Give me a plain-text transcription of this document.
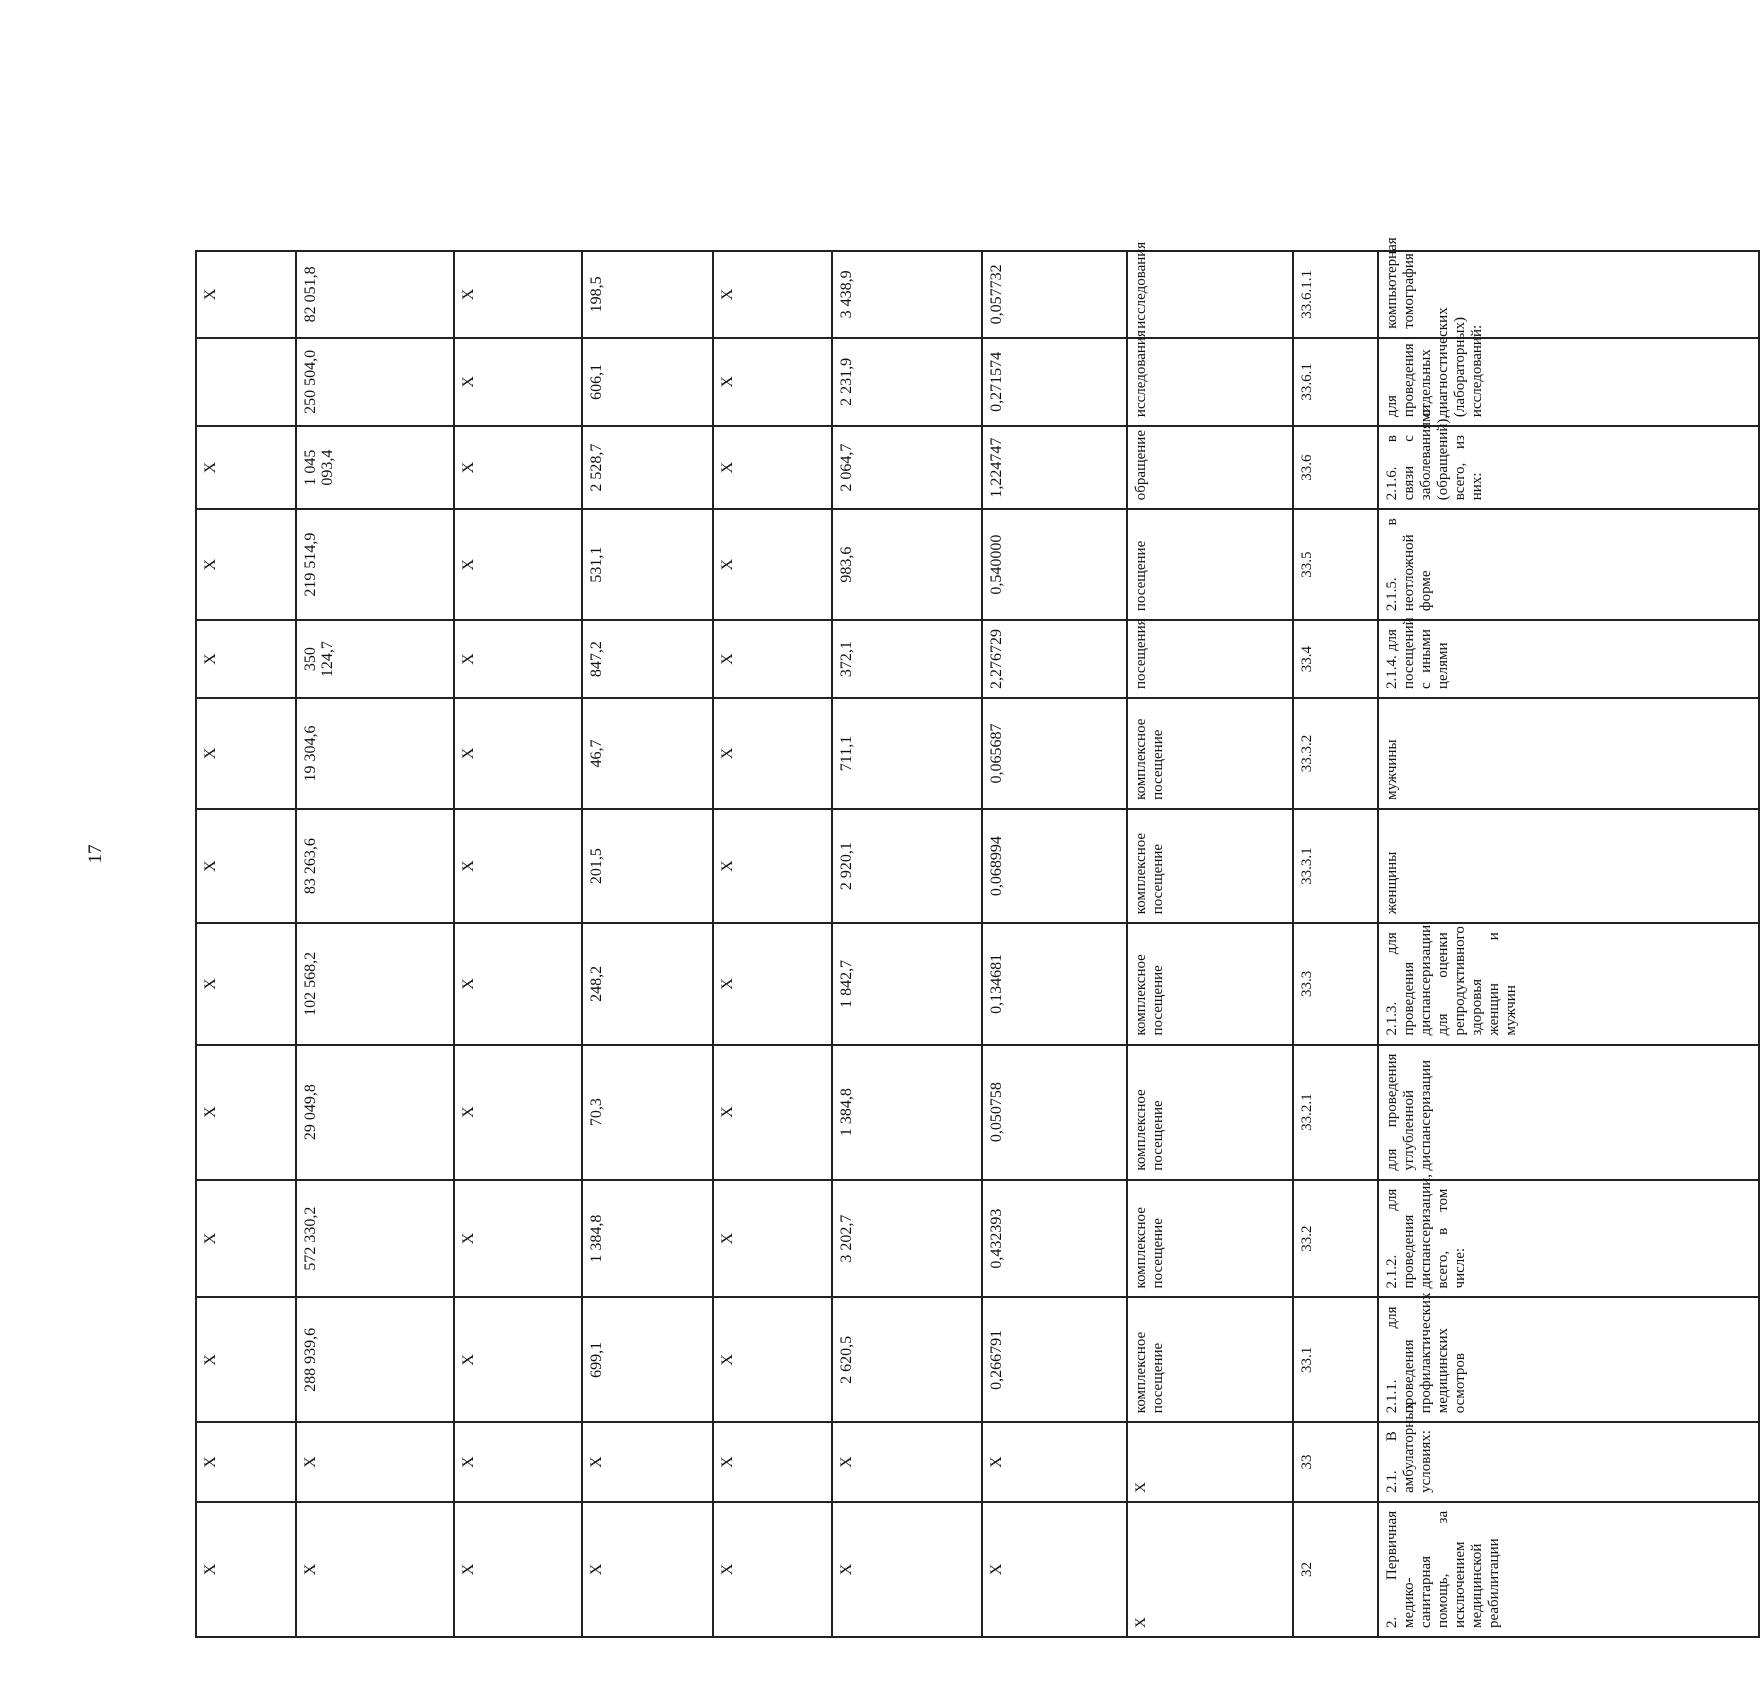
17
Х	Х	Х	Х	Х	Х	Х	Х	Х	Х	Х		Х
Х	Х	288 939,6	572 330,2	29 049,8	102 568,2	83 263,6	19 304,6	350 124,7	219 514,9	1 045 093,4	250 504,0	82 051,8
Х	Х	Х	Х	Х	Х	Х	Х	Х	Х	Х	Х	Х
Х	Х	699,1	1 384,8	70,3	248,2	201,5	46,7	847,2	531,1	2 528,7	606,1	198,5
Х	Х	Х	Х	Х	Х	Х	Х	Х	Х	Х	Х	Х
Х	Х	2 620,5	3 202,7	1 384,8	1 842,7	2 920,1	711,1	372,1	983,6	2 064,7	2 231,9	3 438,9
Х	Х	0,266791	0,432393	0,050758	0,134681	0,068994	0,065687	2,276729	0,540000	1,224747	0,271574	0,057732
Х	Х	комплексное посещение	комплексное посещение	комплексное посещение	комплексное посещение	комплексное посещение	комплексное посещение	посещения	посещение	обращение	исследования	исследования
32	33	33.1	33.2	33.2.1	33.3	33.3.1	33.3.2	33.4	33.5	33.6	33.6.1	33.6.1.1
2. Первичная медико-санитарная помощь, за исключением медицинской реабилитации	2.1. В амбулаторных условиях:	2.1.1. для проведения профилактических медицинских осмотров	2.1.2. для проведения диспансеризации, всего, в том числе:	для проведения углубленной диспансеризации	2.1.3. для проведения диспансеризации для оценки репродуктивного здоровья женщин и мужчин	женщины	мужчины	2.1.4. для посещений с иными целями	2.1.5. в неотложной форме	2.1.6. в связи с заболеваниями (обращений), всего, из них:	для проведения отдельных диагностических (лабораторных) исследований:	компьютерная томография
